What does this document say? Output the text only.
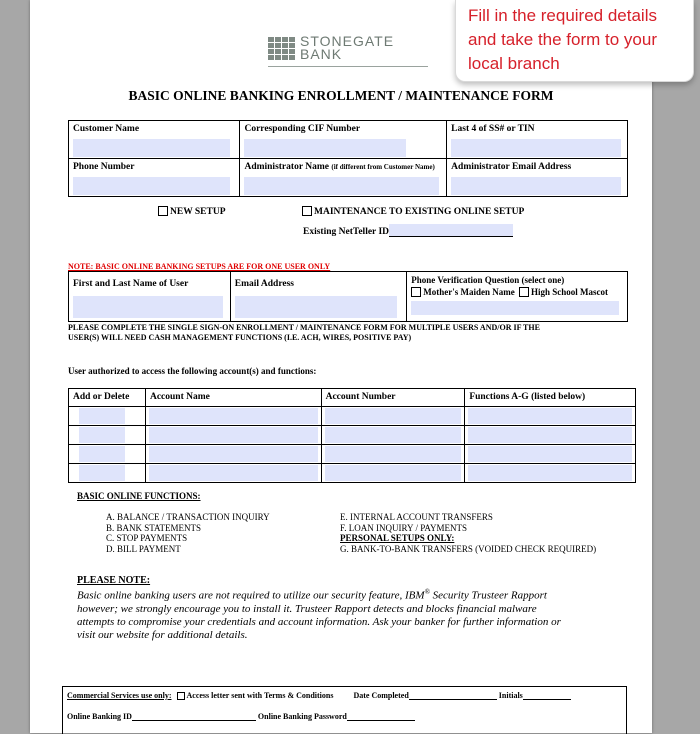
STONEGATE
BANK
BASIC ONLINE BANKING ENROLLMENT / MAINTENANCE FORM
Customer Name	Corresponding CIF Number	Last 4 of SS# or TIN

Phone Number	Administrator Name (if different from Customer Name)	Administrator Email Address
NEW SETUP	MAINTENANCE TO EXISTING ONLINE SETUP
Existing NetTeller ID
NOTE: BASIC ONLINE BANKING SETUPS ARE FOR ONE USER ONLY
First and Last Name of User	Email Address	Phone Verification Question (select one)
Mother's Maiden Name High School Mascot
PLEASE COMPLETE THE SINGLE SIGN-ON ENROLLMENT / MAINTENANCE FORM FOR MULTIPLE USERS AND/OR IF THE
USER(S) WILL NEED CASH MANAGEMENT FUNCTIONS (I.E. ACH, WIRES, POSITIVE PAY)
User authorized to access the following account(s) and functions:
Add or Delete	Account Name	Account Number	Functions A-G (listed below)

BASIC ONLINE FUNCTIONS:
A. BALANCE / TRANSACTION INQUIRY
B. BANK STATEMENTS
C. STOP PAYMENTS
D. BILL PAYMENT
E. INTERNAL ACCOUNT TRANSFERS
F. LOAN INQUIRY / PAYMENTS
PERSONAL SETUPS ONLY:
G. BANK-TO-BANK TRANSFERS (VOIDED CHECK REQUIRED)
PLEASE NOTE:
Basic online banking users are not required to utilize our security feature, IBM® Security Trusteer Rapport
however; we strongly encourage you to install it. Trusteer Rapport detects and blocks financial malware
attempts to compromise your credentials and account information. Ask your banker for further information or
visit our website for additional details.
Commercial Services use only: Access letter sent with Terms & Conditions	Date Completed	Initials
Online Banking ID	Online Banking Password
Fill in the required details
and take the form to your
local branch
